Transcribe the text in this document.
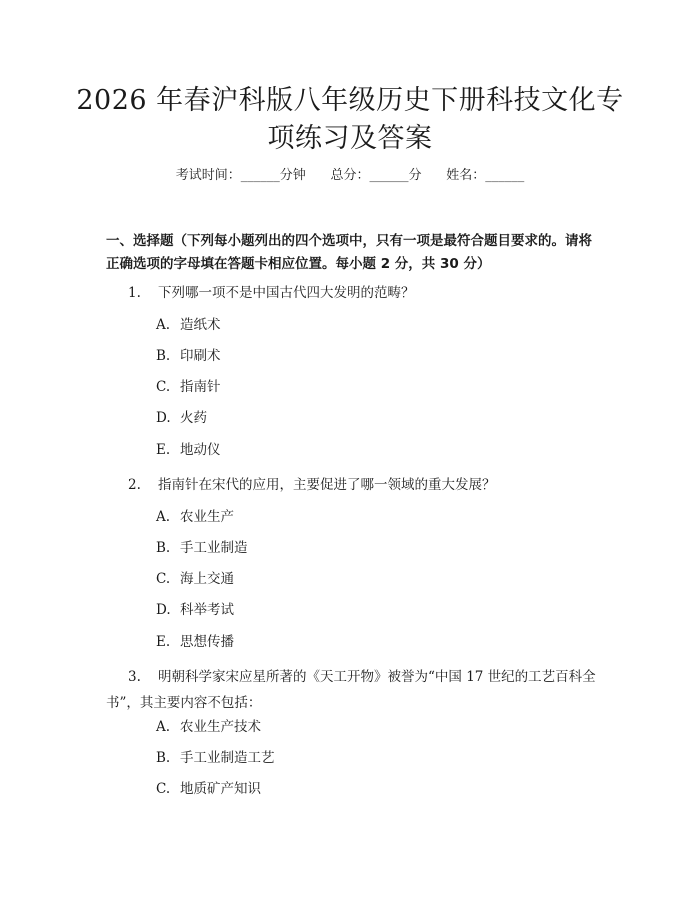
2026 年春沪科版八年级历史下册科技文化专
项练习及答案
考试时间：______分钟      总分：______分      姓名：______
一、选择题（下列每小题列出的四个选项中，只有一项是最符合题目要求的。请将正确选项的字母填在答题卡相应位置。每小题 2 分，共 30 分）
1.	下列哪一项不是中国古代四大发明的范畴？
A. 造纸术
B. 印刷术
C. 指南针
D. 火药
E. 地动仪
2.	指南针在宋代的应用，主要促进了哪一领域的重大发展？
A. 农业生产
B. 手工业制造
C. 海上交通
D. 科举考试
E. 思想传播
3.	明朝科学家宋应星所著的《天工开物》被誉为“中国 17 世纪的工艺百科全书”，其主要内容不包括：
A. 农业生产技术
B. 手工业制造工艺
C. 地质矿产知识
